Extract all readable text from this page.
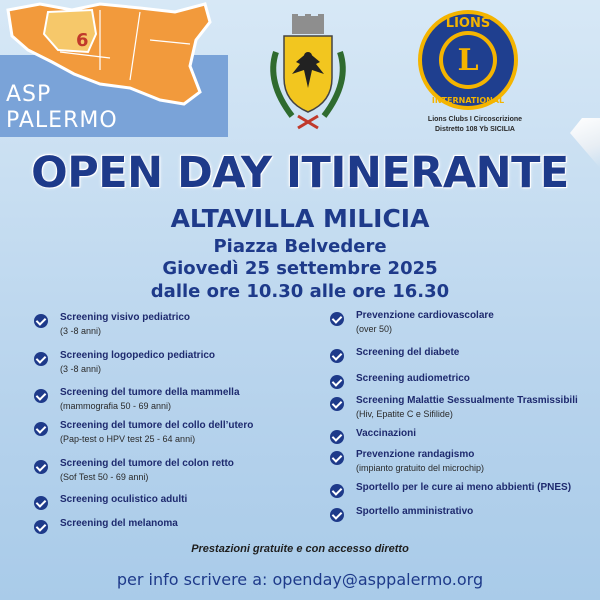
6
ASP
PALERMO
L
LIONS
INTERNATIONAL
Lions Clubs I Circoscrizione
Distretto 108 Yb SICILIA
OPEN DAY ITINERANTE
ALTAVILLA MILICIA
Piazza Belvedere
Giovedì 25 settembre 2025
dalle ore 10.30 alle ore 16.30
Screening visivo pediatrico
(3 -8 anni)
Screening logopedico pediatrico
(3 -8 anni)
Screening del tumore della mammella
(mammografia 50 - 69 anni)
Screening del tumore del collo dell’utero
(Pap-test o HPV test 25 - 64 anni)
Screening del tumore del colon retto
(Sof Test 50 - 69 anni)
Screening oculistico adulti
Screening del melanoma
Prevenzione cardiovascolare
(over 50)
Screening del diabete
Screening audiometrico
Screening Malattie Sessualmente Trasmissibili
(Hiv, Epatite C e Sifilide)
Vaccinazioni
Prevenzione randagismo
(impianto gratuito del microchip)
Sportello per le cure ai meno abbienti (PNES)
Sportello amministrativo
Prestazioni gratuite e con accesso diretto
per info scrivere a: openday@asppalermo.org
